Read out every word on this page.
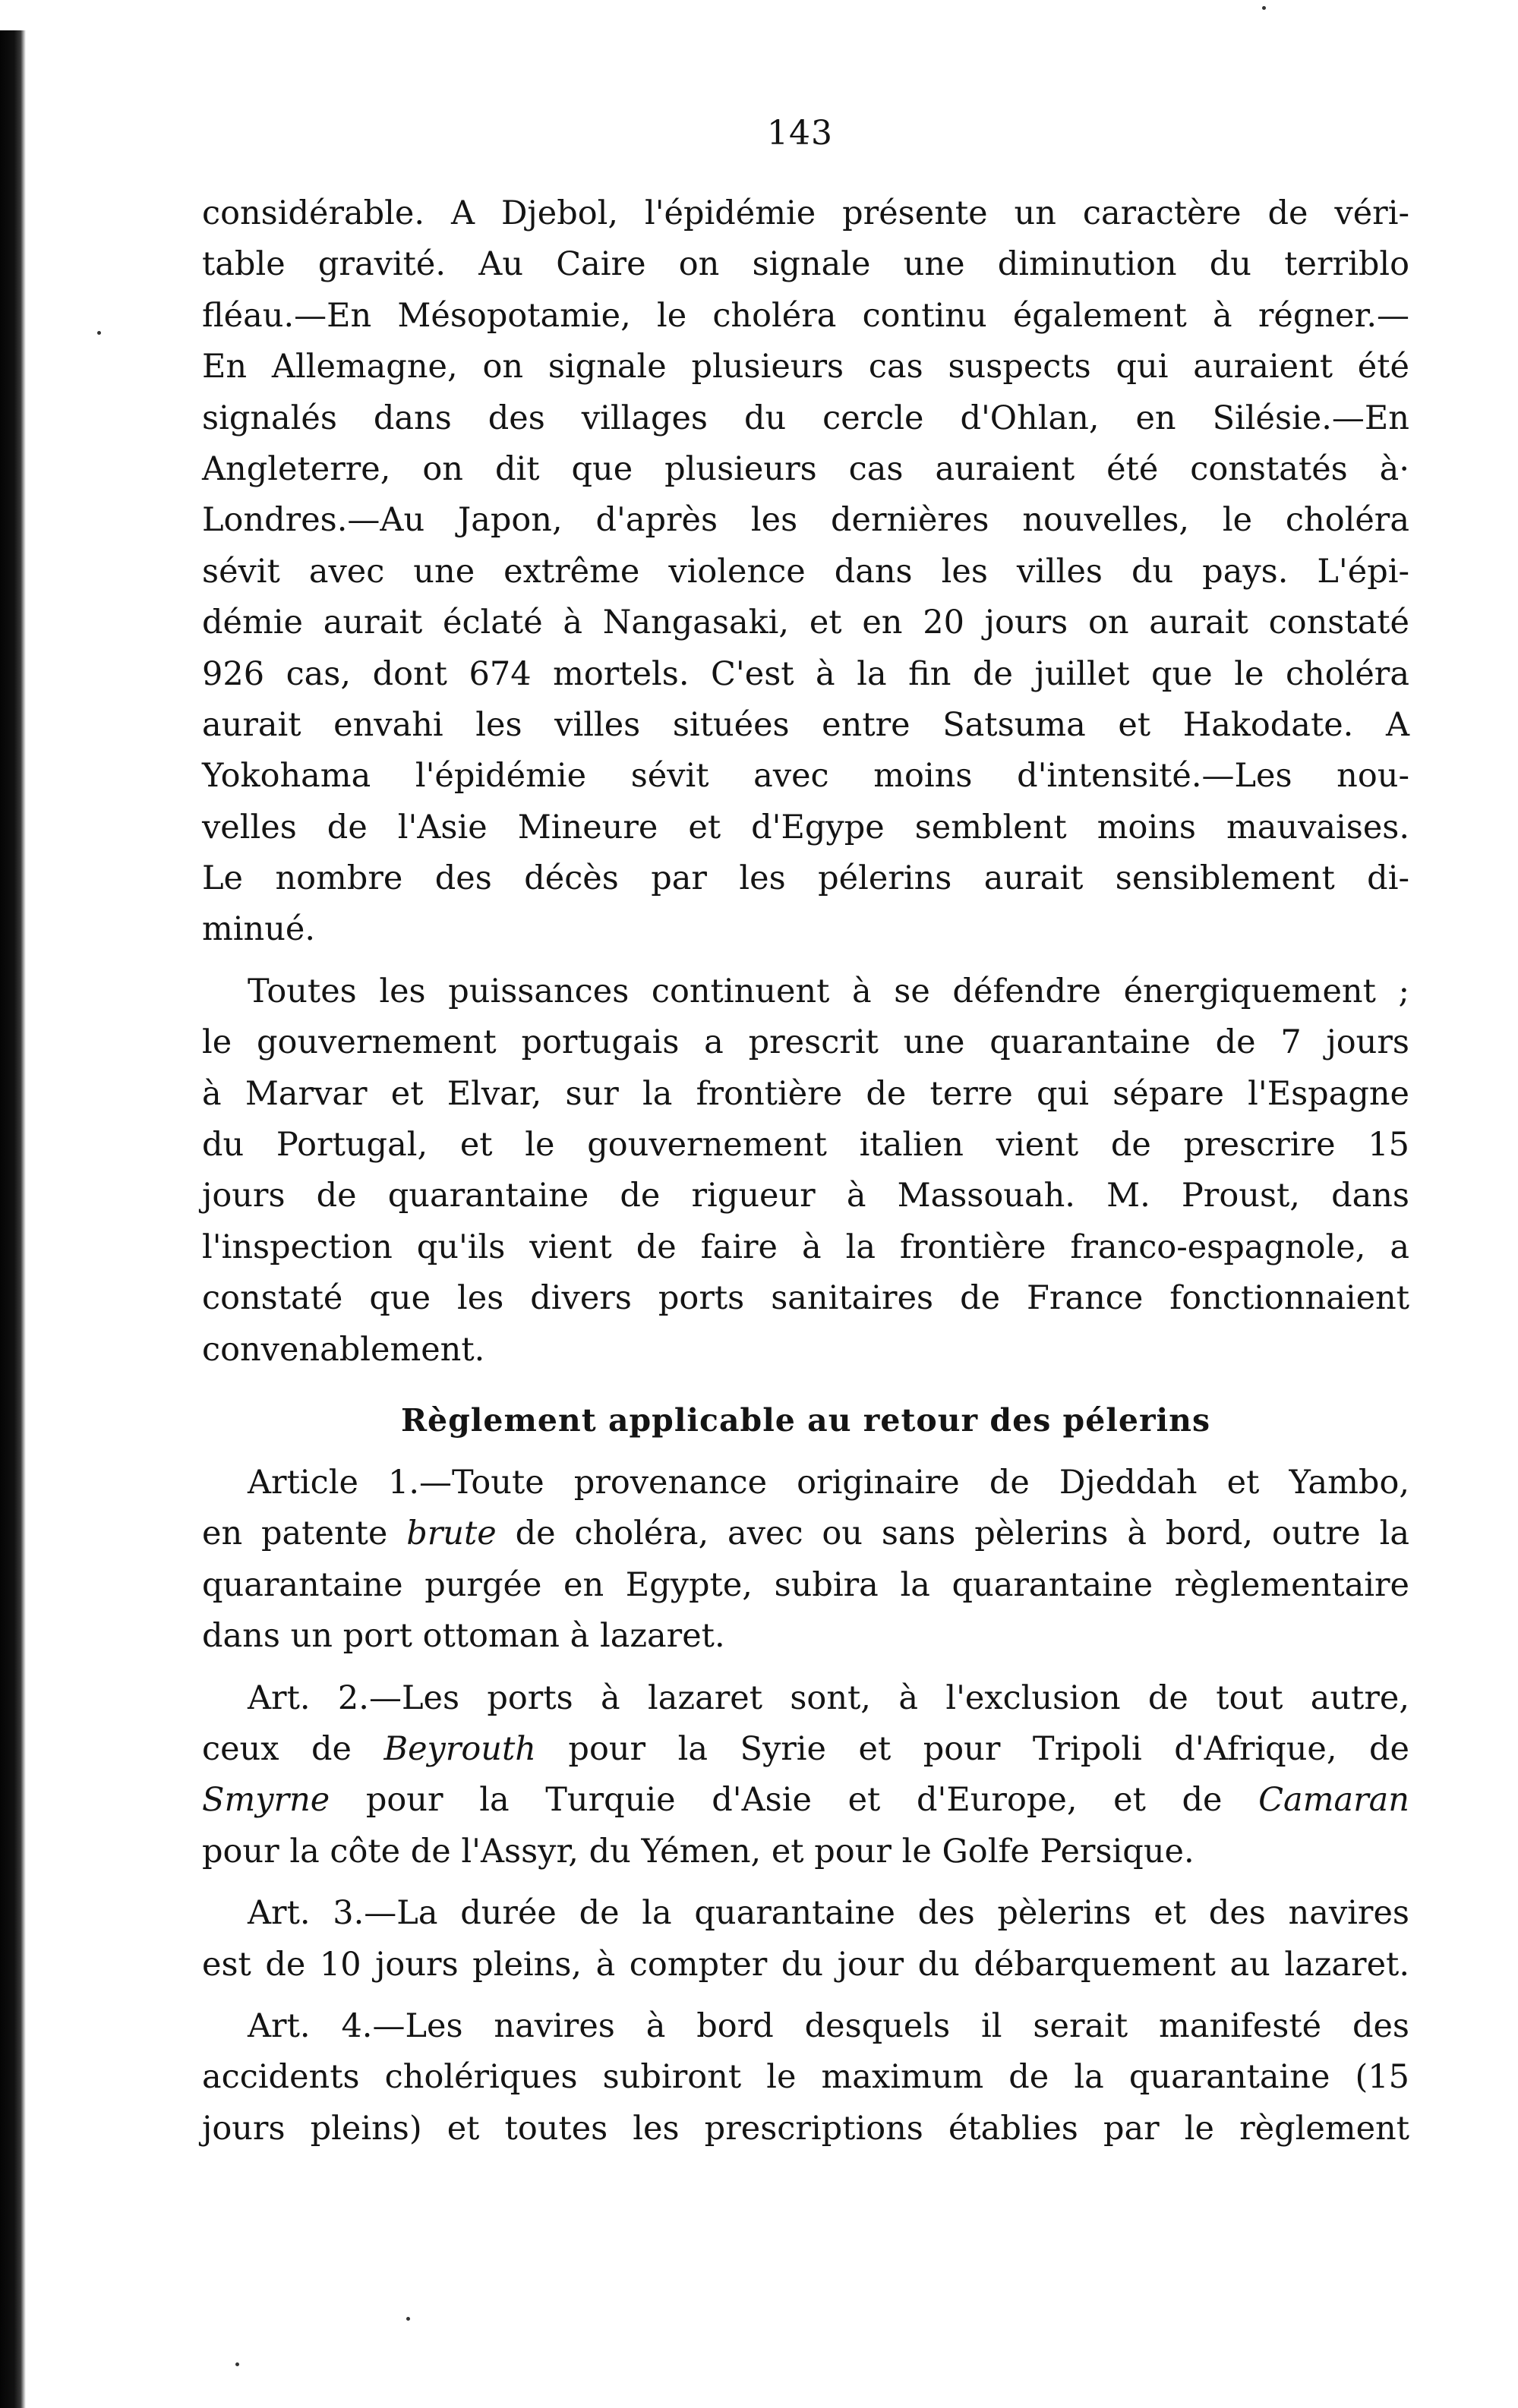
143
considérable. A Djebol, l'épidémie présente un caractère de véri-
table gravité. Au Caire on signale une diminution du terriblo
fléau.—En Mésopotamie, le choléra continu également à régner.—
En Allemagne, on signale plusieurs cas suspects qui auraient été
signalés dans des villages du cercle d'Ohlan, en Silésie.—En
Angleterre, on dit que plusieurs cas auraient été constatés à·
Londres.—Au Japon, d'après les dernières nouvelles, le choléra
sévit avec une extrême violence dans les villes du pays. L'épi-
démie aurait éclaté à Nangasaki, et en 20 jours on aurait constaté
926 cas, dont 674 mortels. C'est à la fin de juillet que le choléra
aurait envahi les villes situées entre Satsuma et Hakodate. A
Yokohama l'épidémie sévit avec moins d'intensité.—Les nou-
velles de l'Asie Mineure et d'Egype semblent moins mauvaises.
Le nombre des décès par les pélerins aurait sensiblement di-
minué.
Toutes les puissances continuent à se défendre énergiquement ;
le gouvernement portugais a prescrit une quarantaine de 7 jours
à Marvar et Elvar, sur la frontière de terre qui sépare l'Espagne
du Portugal, et le gouvernement italien vient de prescrire 15
jours de quarantaine de rigueur à Massouah. M. Proust, dans
l'inspection qu'ils vient de faire à la frontière franco-espagnole, a
constaté que les divers ports sanitaires de France fonctionnaient
convenablement.
Règlement applicable au retour des pélerins
Article 1.—Toute provenance originaire de Djeddah et Yambo,
en patente brute de choléra, avec ou sans pèlerins à bord, outre la
quarantaine purgée en Egypte, subira la quarantaine règlementaire
dans un port ottoman à lazaret.
Art. 2.—Les ports à lazaret sont, à l'exclusion de tout autre,
ceux de Beyrouth pour la Syrie et pour Tripoli d'Afrique, de
Smyrne pour la Turquie d'Asie et d'Europe, et de Camaran
pour la côte de l'Assyr, du Yémen, et pour le Golfe Persique.
Art. 3.—La durée de la quarantaine des pèlerins et des navires
est de 10 jours pleins, à compter du jour du débarquement au lazaret.
Art. 4.—Les navires à bord desquels il serait manifesté des
accidents cholériques subiront le maximum de la quarantaine (15
jours pleins) et toutes les prescriptions établies par le règlement
